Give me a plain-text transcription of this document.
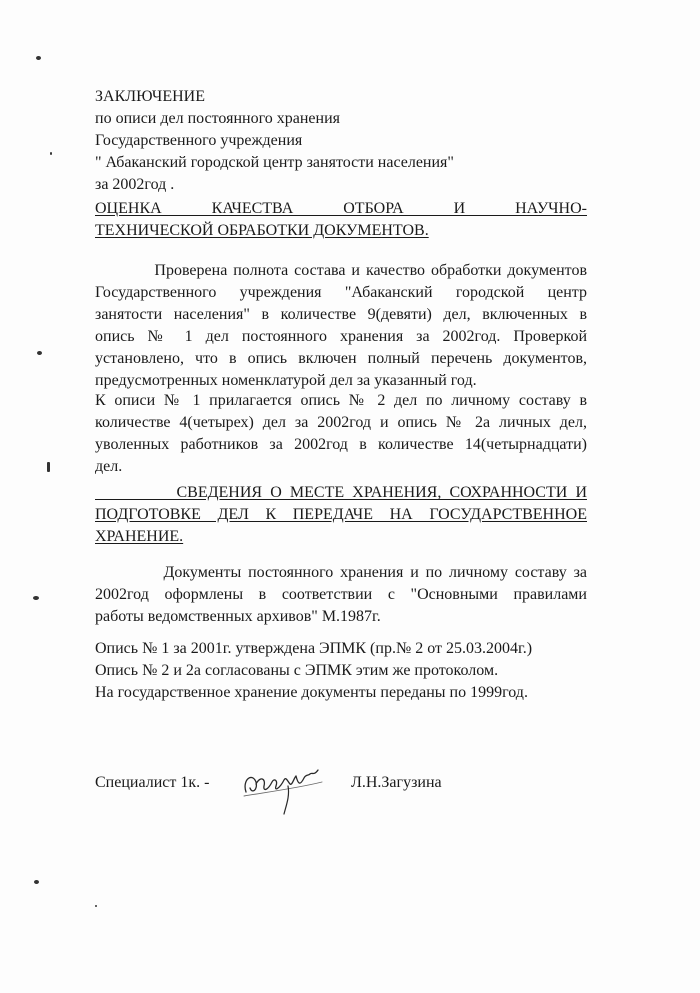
ЗАКЛЮЧЕНИЕ
по описи дел постоянного хранения
Государственного учреждения
" Абаканский городской центр занятости населения"
за 2002год .
ОЦЕНКА КАЧЕСТВА ОТБОРА И НАУЧНО-
ТЕХНИЧЕСКОЙ ОБРАБОТКИ ДОКУМЕНТОВ.
Проверена полнота состава и качество обработки документов
Государственного учреждения "Абаканский городской центр
занятости населения" в количестве 9(девяти) дел, включенных в
опись № 1 дел постоянного хранения за 2002год. Проверкой
установлено, что в опись включен полный перечень документов,
предусмотренных номенклатурой дел за указанный год.
К описи № 1 прилагается опись № 2 дел по личному составу в
количестве 4(четырех) дел за 2002год и опись № 2а личных дел,
уволенных работников за 2002год в количестве 14(четырнадцати)
дел.
СВЕДЕНИЯ О МЕСТЕ ХРАНЕНИЯ, СОХРАННОСТИ И
ПОДГОТОВКЕ ДЕЛ К ПЕРЕДАЧЕ НА ГОСУДАРСТВЕННОЕ
ХРАНЕНИЕ.
Документы постоянного хранения и по личному составу за
2002год оформлены в соответствии с "Основными правилами
работы ведомственных архивов" М.1987г.
Опись № 1 за 2001г. утверждена ЭПМК (пр.№ 2 от 25.03.2004г.)
Опись № 2 и 2а согласованы с ЭПМК этим же протоколом.
На государственное хранение документы переданы по 1999год.
Специалист 1к. -	Л.Н.Загузина
